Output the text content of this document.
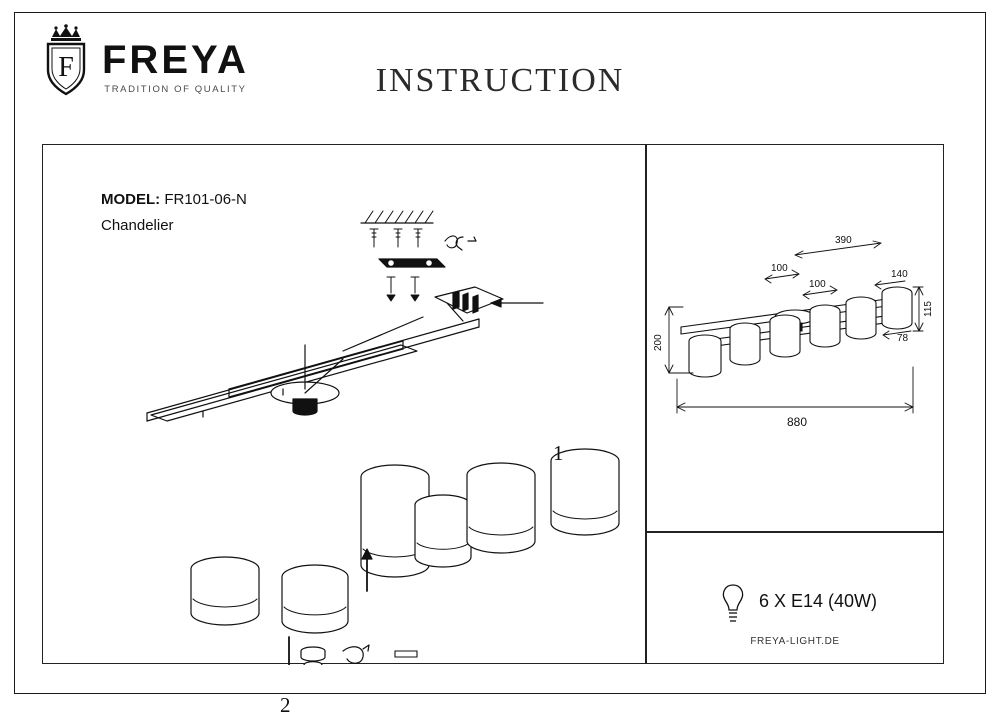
F FREYA
TRADITION OF QUALITY	INSTRUCTION
MODEL: FR101-06-N
Chandelier
1
2
390
100
100
200
115
140
78
880
6 X E14 (40W)
FREYA-LIGHT.DE
